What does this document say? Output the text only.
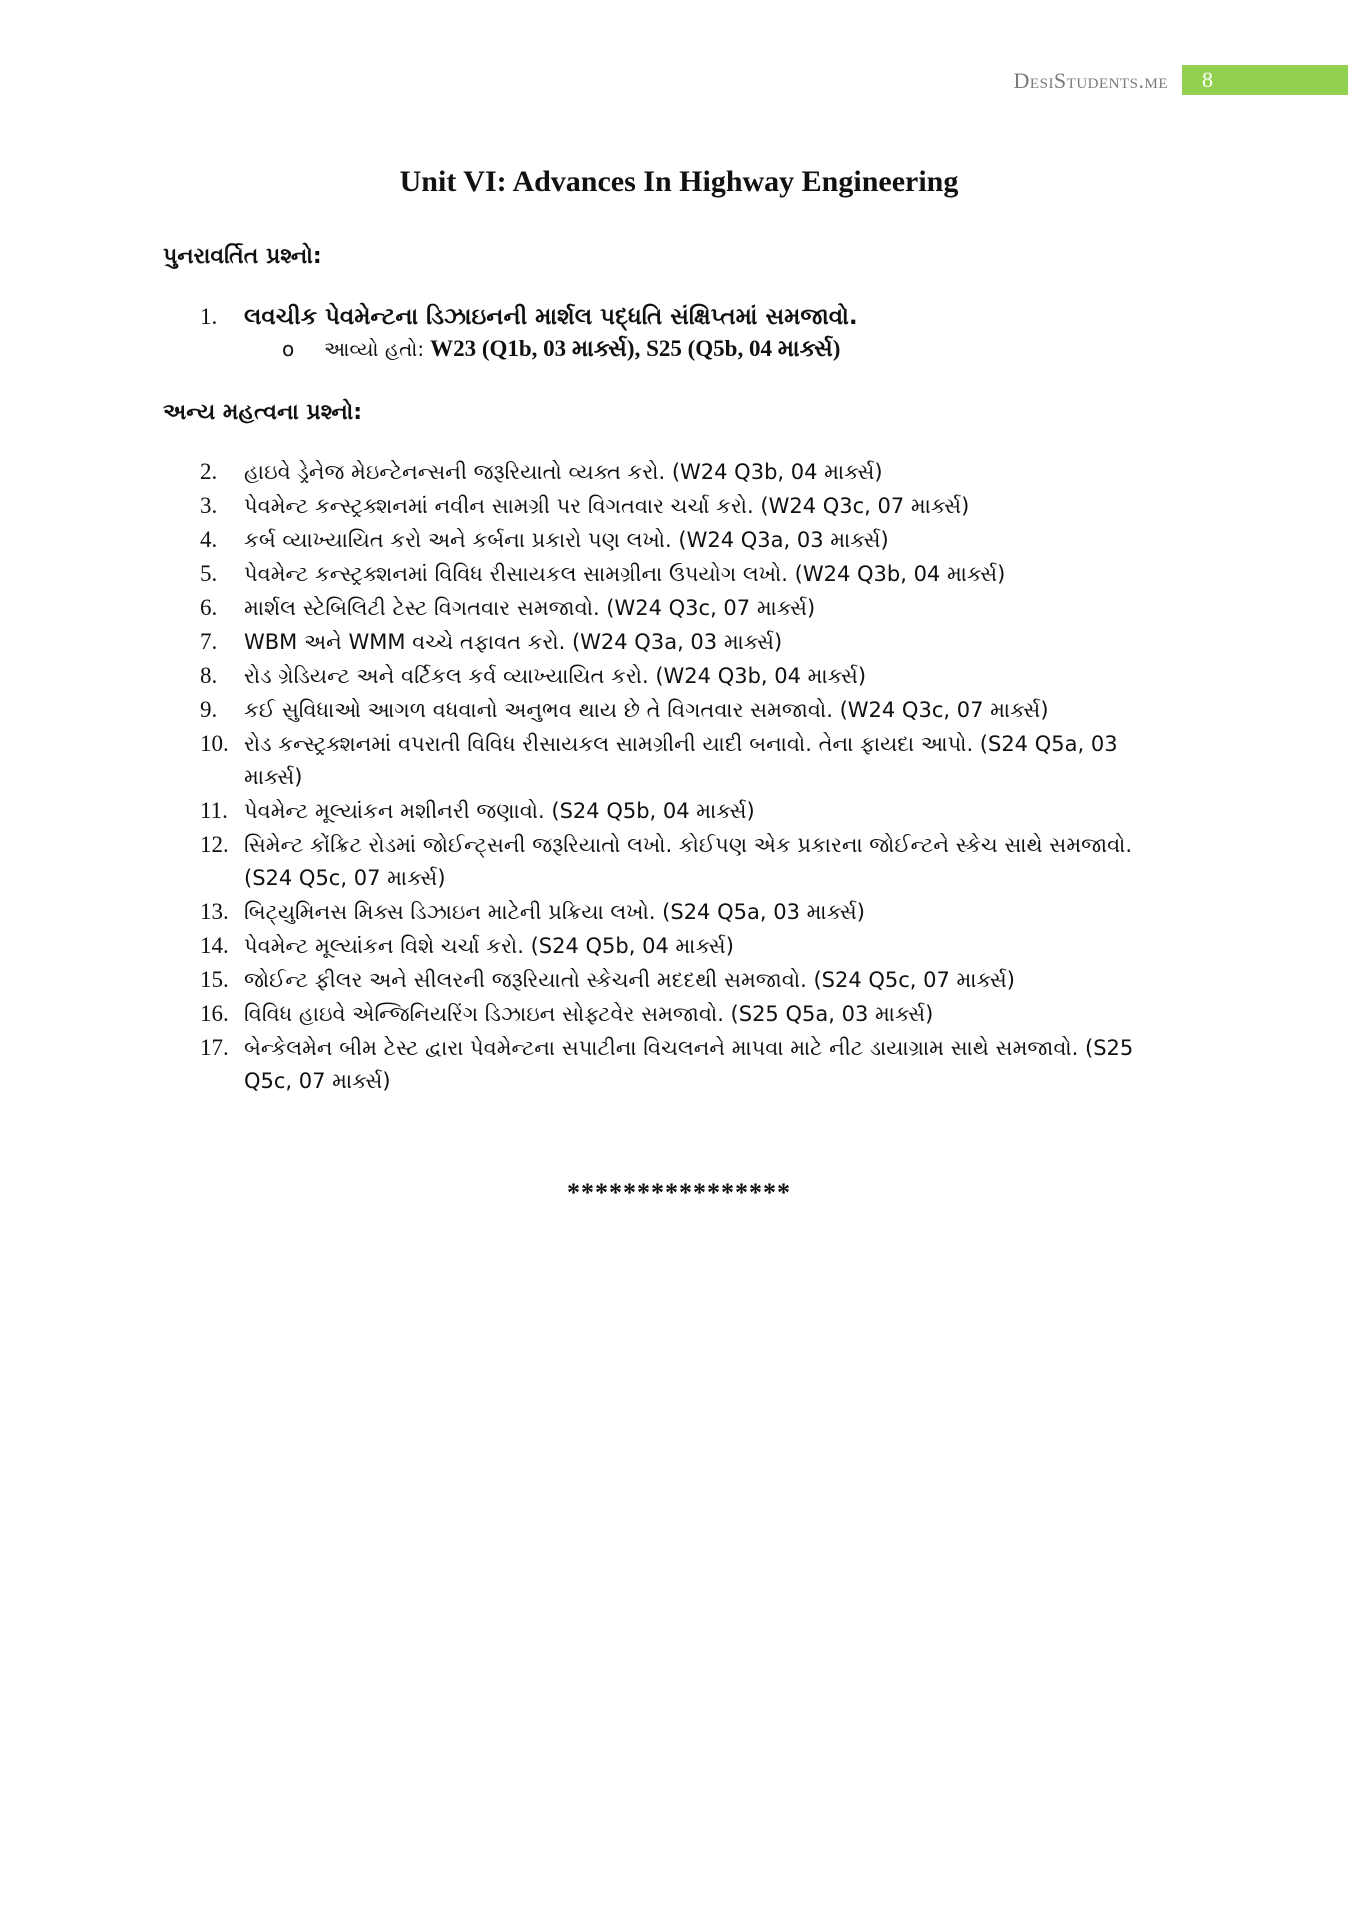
DesiStudents.me	8
Unit VI: Advances In Highway Engineering
પુનરાવર્તિત પ્રશ્નો:
1.	લવચીક પેવમેન્ટના ડિઝાઇનની માર્શલ પદ્ધતિ સંક્ષિપ્તમાં સમજાવો.
o	આવ્યો હતો: W23 (Q1b, 03 માર્ક્સ), S25 (Q5b, 04 માર્ક્સ)
અન્ય મહત્વના પ્રશ્નો:
2.	હાઇવે ડ્રેનેજ મેઇન્ટેનન્સની જરૂરિયાતો વ્યક્ત કરો. (W24 Q3b, 04 માર્ક્સ)
3.	પેવમેન્ટ કન્સ્ટ્રક્શનમાં નવીન સામગ્રી પર વિગતવાર ચર્ચા કરો. (W24 Q3c, 07 માર્ક્સ)
4.	કર્બ વ્યાખ્યાયિત કરો અને કર્બના પ્રકારો પણ લખો. (W24 Q3a, 03 માર્ક્સ)
5.	પેવમેન્ટ કન્સ્ટ્રક્શનમાં વિવિધ રીસાયકલ સામગ્રીના ઉપયોગ લખો. (W24 Q3b, 04 માર્ક્સ)
6.	માર્શલ સ્ટેબિલિટી ટેસ્ટ વિગતવાર સમજાવો. (W24 Q3c, 07 માર્ક્સ)
7.	WBM અને WMM વચ્ચે તફાવત કરો. (W24 Q3a, 03 માર્ક્સ)
8.	રોડ ગ્રેડિયન્ટ અને વર્ટિકલ કર્વ વ્યાખ્યાયિત કરો. (W24 Q3b, 04 માર્ક્સ)
9.	કઈ સુવિધાઓ આગળ વધવાનો અનુભવ થાય છે તે વિગતવાર સમજાવો. (W24 Q3c, 07 માર્ક્સ)
10. રોડ કન્સ્ટ્રક્શનમાં વપરાતી વિવિધ રીસાયકલ સામગ્રીની યાદી બનાવો. તેના ફાયદા આપો. (S24 Q5a, 03 માર્ક્સ)
11. પેવમેન્ટ મૂલ્યાંકન મશીનરી જણાવો. (S24 Q5b, 04 માર્ક્સ)
12. સિમેન્ટ કોંક્રિટ રોડમાં જોઈન્ટ્સની જરૂરિયાતો લખો. કોઈપણ એક પ્રકારના જોઈન્ટને સ્કેચ સાથે સમજાવો. (S24 Q5c, 07 માર્ક્સ)
13. બિટ્યુમિનસ મિક્સ ડિઝાઇન માટેની પ્રક્રિયા લખો. (S24 Q5a, 03 માર્ક્સ)
14. પેવમેન્ટ મૂલ્યાંકન વિશે ચર્ચા કરો. (S24 Q5b, 04 માર્ક્સ)
15. જોઈન્ટ ફીલર અને સીલરની જરૂરિયાતો સ્કેચની મદદથી સમજાવો. (S24 Q5c, 07 માર્ક્સ)
16. વિવિધ હાઇવે એન્જિનિયરિંગ ડિઝાઇન સોફ્ટવેર સમજાવો. (S25 Q5a, 03 માર્ક્સ)
17. બેન્કેલમેન બીમ ટેસ્ટ દ્વારા પેવમેન્ટના સપાટીના વિચલનને માપવા માટે નીટ ડાયાગ્રામ સાથે સમજાવો. (S25 Q5c, 07 માર્ક્સ)
****************
